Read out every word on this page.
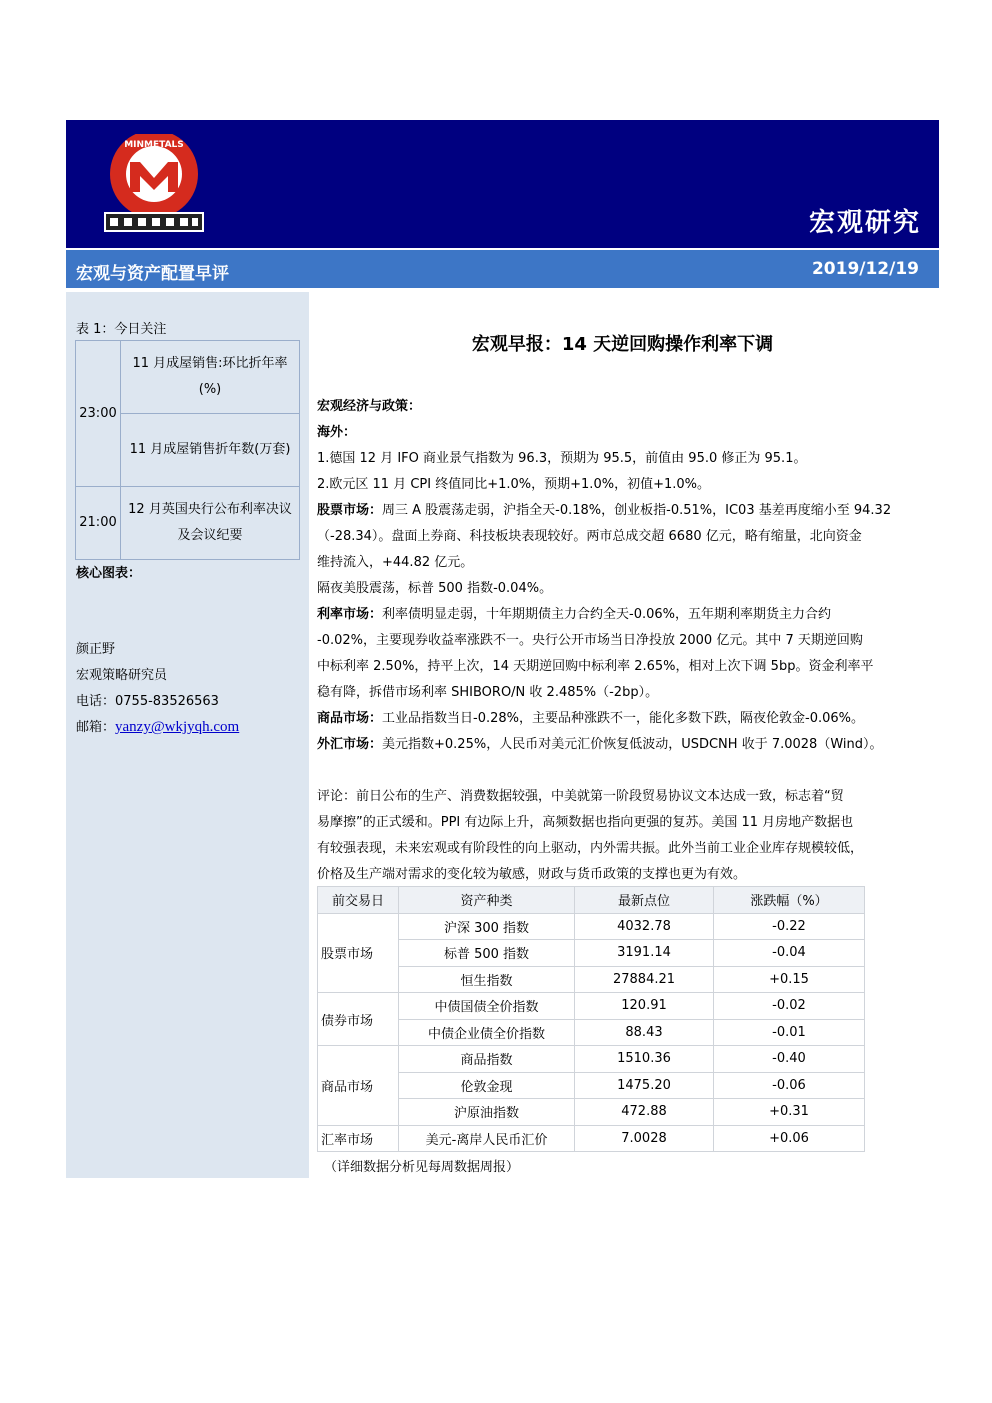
宏观研究
MINMETALS
宏观与资产配置早评	2019/12/19
表 1：今日关注
23:00	11 月成屋销售:环比折年率(%)
	11 月成屋销售折年数(万套)
21:00	12 月英国央行公布利率决议及会议纪要
核心图表：
颜正野
宏观策略研究员
电话：0755-83526563
邮箱：yanzy@wkjyqh.com
宏观早报：14 天逆回购操作利率下调
宏观经济与政策：
海外：
1.德国 12 月 IFO 商业景气指数为 96.3，预期为 95.5，前值由 95.0 修正为 95.1。
2.欧元区 11 月 CPI 终值同比+1.0%，预期+1.0%，初值+1.0%。
股票市场：周三 A 股震荡走弱，沪指全天-0.18%，创业板指-0.51%，IC03 基差再度缩小至 94.32
（-28.34）。盘面上券商、科技板块表现较好。两市总成交超 6680 亿元，略有缩量，北向资金
维持流入，+44.82 亿元。
隔夜美股震荡，标普 500 指数-0.04%。
利率市场：利率债明显走弱，十年期期债主力合约全天-0.06%，五年期利率期货主力合约
-0.02%，主要现券收益率涨跌不一。央行公开市场当日净投放 2000 亿元。其中 7 天期逆回购
中标利率 2.50%，持平上次，14 天期逆回购中标利率 2.65%，相对上次下调 5bp。资金利率平
稳有降，拆借市场利率 SHIBORO/N 收 2.485%（-2bp）。
商品市场：工业品指数当日-0.28%，主要品种涨跌不一，能化多数下跌，隔夜伦敦金-0.06%。
外汇市场：美元指数+0.25%，人民币对美元汇价恢复低波动，USDCNH 收于 7.0028（Wind）。

评论：前日公布的生产、消费数据较强，中美就第一阶段贸易协议文本达成一致，标志着“贸
易摩擦”的正式缓和。PPI 有边际上升，高频数据也指向更强的复苏。美国 11 月房地产数据也
有较强表现，未来宏观或有阶段性的向上驱动，内外需共振。此外当前工业企业库存规模较低，
价格及生产端对需求的变化较为敏感，财政与货币政策的支撑也更为有效。
前交易日	资产种类	最新点位	涨跌幅（%）
股票市场	沪深 300 指数	4032.78	-0.22
	标普 500 指数	3191.14	-0.04
	恒生指数	27884.21	+0.15
债券市场	中债国债全价指数	120.91	-0.02
	中债企业债全价指数	88.43	-0.01
商品市场	商品指数	1510.36	-0.40
	伦敦金现	1475.20	-0.06
	沪原油指数	472.88	+0.31
汇率市场	美元-离岸人民币汇价	7.0028	+0.06
（详细数据分析见每周数据周报）
